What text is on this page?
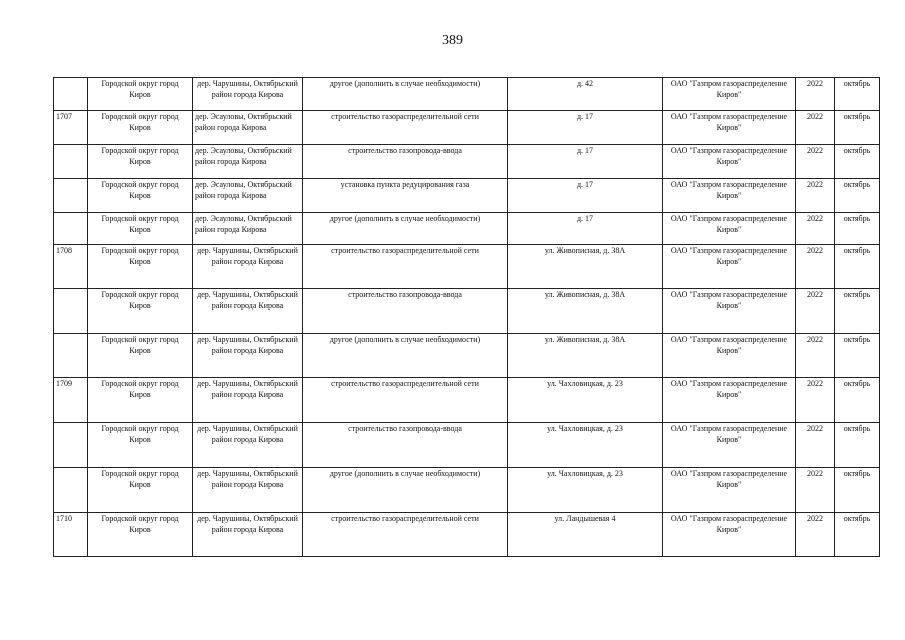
389
	Городской округ город Киров	дер. Чарушины, Октябрьский район города Кирова	другое (дополнить в случае необходимости)	д. 42	ОАО "Газпром газораспределение Киров"	2022	октябрь
1707	Городской округ город Киров	дер. Эсауловы, Октябрьский район города Кирова	строительство газораспределительной сети	д. 17	ОАО "Газпром газораспределение Киров"	2022	октябрь
	Городской округ город Киров	дер. Эсауловы, Октябрьский район города Кирова	строительство газопровода-ввода	д. 17	ОАО "Газпром газораспределение Киров"	2022	октябрь
	Городской округ город Киров	дер. Эсауловы, Октябрьский район города Кирова	установка пункта редуцирования газа	д. 17	ОАО "Газпром газораспределение Киров"	2022	октябрь
	Городской округ город Киров	дер. Эсауловы, Октябрьский район города Кирова	другое (дополнить в случае необходимости)	д. 17	ОАО "Газпром газораспределение Киров"	2022	октябрь
1708	Городской округ город Киров	дер. Чарушины, Октябрьский район города Кирова	строительство газораспределительной сети	ул. Живописная, д. 38А	ОАО "Газпром газораспределение Киров"	2022	октябрь
	Городской округ город Киров	дер. Чарушины, Октябрьский район города Кирова	строительство газопровода-ввода	ул. Живописная, д. 38А	ОАО "Газпром газораспределение Киров"	2022	октябрь
	Городской округ город Киров	дер. Чарушины, Октябрьский район города Кирова	другое (дополнить в случае необходимости)	ул. Живописная, д. 38А	ОАО "Газпром газораспределение Киров"	2022	октябрь
1709	Городской округ город Киров	дер. Чарушины, Октябрьский район города Кирова	строительство газораспределительной сети	ул. Чахловицкая, д. 23	ОАО "Газпром газораспределение Киров"	2022	октябрь
	Городской округ город Киров	дер. Чарушины, Октябрьский район города Кирова	строительство газопровода-ввода	ул. Чахловицкая, д. 23	ОАО "Газпром газораспределение Киров"	2022	октябрь
	Городской округ город Киров	дер. Чарушины, Октябрьский район города Кирова	другое (дополнить в случае необходимости)	ул. Чахловицкая, д. 23	ОАО "Газпром газораспределение Киров"	2022	октябрь
1710	Городской округ город Киров	дер. Чарушины, Октябрьский район города Кирова	строительство газораспределительной сети	ул. Ландышевая 4	ОАО "Газпром газораспределение Киров"	2022	октябрь
